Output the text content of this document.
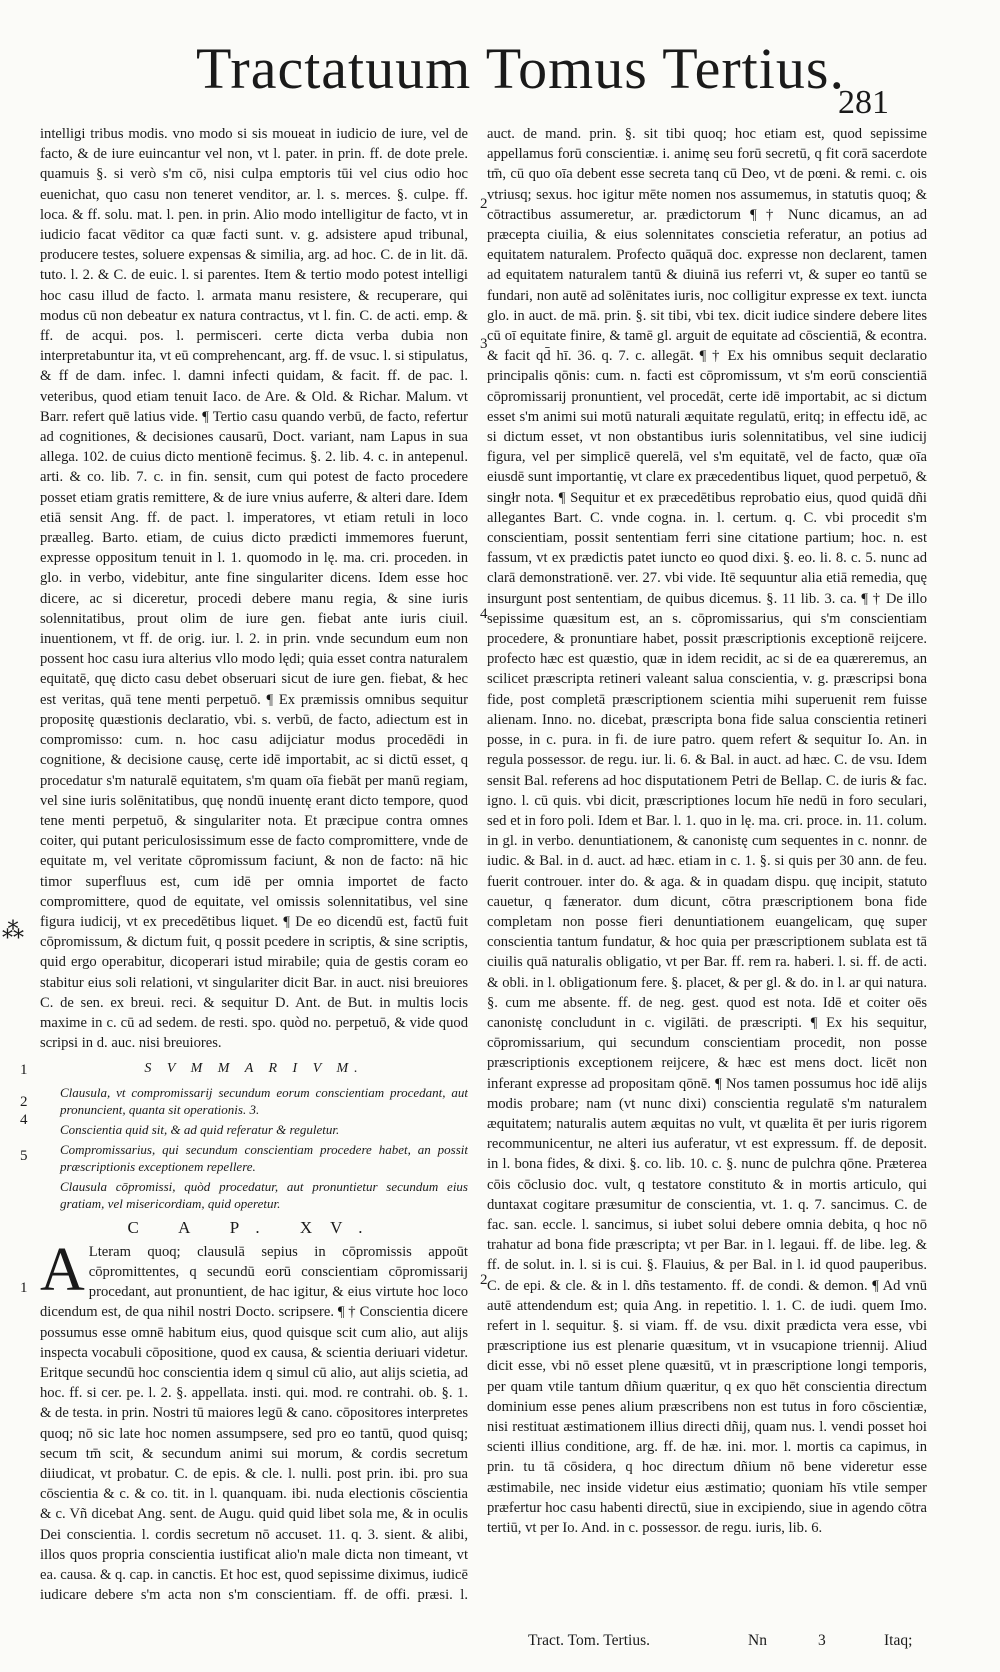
Tractatuum Tomus Tertius.
281

intelligi tribus modis. vno modo si sis moueat in iudicio de iure, vel de facto, & de iure euincantur vel non, vt l. pater. in prin. ff. de dote prele. quamuis §. si verò s'm cō, nisi culpa emptoris tūi vel cius odio hoc euenichat, quo casu non teneret venditor, ar. l. s. merces. §. culpe. ff. loca. & ff. solu. mat. l. pen. in prin. Alio modo intelligitur de facto, vt in iudicio facat vēditor ca quæ facti sunt. v. g. adsistere apud tribunal, producere testes, soluere expensas & similia, arg. ad hoc. C. de in lit. dā. tuto. l. 2. & C. de euic. l. si parentes. Item & tertio modo potest intelligi hoc casu illud de facto. l. armata manu resistere, & recuperare, qui modus cū non debeatur ex natura contractus, vt l. fin. C. de acti. emp. & ff. de acqui. pos. l. permisceri. certe dicta verba dubia non interpretabuntur ita, vt eū comprehencant, arg. ff. de vsuc. l. si stipulatus, & ff de dam. infec. l. damni infecti quidam, & facit. ff. de pac. l. veteribus, quod etiam tenuit Iaco. de Are. & Old. & Richar. Malum. vt Barr. refert quē latius vide. ¶ Tertio casu quando verbū, de facto, refertur ad cognitiones, & decisiones causarū, Doct. variant, nam Lapus in sua allega. 102. de cuius dicto mentionē fecimus. §. 2. lib. 4. c. in antepenul. arti. & co. lib. 7. c. in fin. sensit, cum qui potest de facto procedere posset etiam gratis remittere, & de iure vnius auferre, & alteri dare. Idem etiā sensit Ang. ff. de pact. l. imperatores, vt etiam retuli in loco præalleg. Barto. etiam, de cuius dicto prædicti immemores fuerunt, expresse oppositum tenuit in l. 1. quomodo in lę. ma. cri. proceden. in glo. in verbo, videbitur, ante fine singulariter dicens. Idem esse hoc dicere, ac si diceretur, procedi debere manu regia, & sine iuris solennitatibus, prout olim de iure gen. fiebat ante iuris ciuil. inuentionem, vt ff. de orig. iur. l. 2. in prin. vnde secundum eum non possent hoc casu iura alterius vllo modo lędi; quia esset contra naturalem equitatē, quę dicto casu debet obseruari sicut de iure gen. fiebat, & hec est veritas, quā tene menti perpetuō. ¶ Ex præmissis omnibus sequitur propositę quæstionis declaratio, vbi. s. verbū, de facto, adiectum est in compromisso: cum. n. hoc casu adijciatur modus procedēdi in cognitione, & decisione causę, certe idē importabit, ac si dictū esset, q procedatur s'm naturalē equitatem, s'm quam oīa fiebāt per manū regiam, vel sine iuris solēnitatibus, quę nondū inuentę erant dicto tempore, quod tene menti perpetuō, & singulariter nota. Et præcipue contra omnes coiter, qui putant periculosissimum esse de facto compromittere, vnde de equitate m, vel veritate cōpromissum faciunt, & non de facto: nā hic timor superfluus est, cum idē per omnia importet de facto compromittere, quod de equitate, vel omissis solennitatibus, vel sine figura iudicij, vt ex precedētibus liquet. ¶ De eo dicendū est, factū fuit cōpromissum, & dictum fuit, q possit pcedere in scriptis, & sine scriptis, quid ergo operabitur, dicoperari istud mirabile; quia de gestis coram eo stabitur eius soli relationi, vt singulariter dicit Bar. in auct. nisi breuiores C. de sen. ex breui. reci. & sequitur D. Ant. de But. in multis locis maxime in c. cū ad sedem. de resti. spo. quòd no. perpetuō, & vide quod scripsi in d. auc. nisi breuiores.

S V M M A R I V M.
Clausula, vt compromissarij secundum eorum conscientiam procedant, aut pronuncient, quanta sit operationis. 3.
Conscientia quid sit, & ad quid referatur & reguletur.
Compromissarius, qui secundum conscientiam procedere habet, an possit præscriptionis exceptionem repellere.
Clausula cōpromissi, quòd procedatur, aut pronuntietur secundum eius gratiam, vel misericordiam, quid operetur.
C A P. XV.

A Lteram quoq; clausulā sepius in cōpromissis appoūt cōpromittentes, q secundū eorū conscientiam cōpromissarij procedant, aut pronuntient, de hac igitur, & eius virtute hoc loco dicendum est, de qua nihil nostri Docto. scripsere. ¶ † Conscientia dicere possumus esse omnē habitum eius, quod quisque scit cum alio, aut alijs inspecta vocabuli cōpositione, quod ex causa, & scientia deriuari videtur. Eritque secundū hoc conscientia idem q simul cū alio, aut alijs scietia, ad hoc. ff. si cer. pe. l. 2. §. appellata. insti. qui. mod. re contrahi. ob. §. 1. & de testa. in prin. Nostri tū maiores legū & cano. cōpositores interpretes quoq; nō sic late hoc nomen assumpsere, sed pro eo tantū, quod quisq; secum tm̄ scit, & secundum animi sui morum, & cordis secretum diiudicat, vt probatur. C. de epis. & cle. l. nulli. post prin. ibi. pro sua cōscientia & c. & co. tit. in l. quanquam. ibi. nuda electionis cōscientia & c. Vñ dicebat Ang. sent. de Augu. quid quid libet sola me, & in oculis Dei conscientia. l. cordis secretum nō accuset. 11. q. 3. sient. & alibi, illos quos propria conscientia iustificat alio'n male dicta non timeant, vt ea. causa. & q. cap. in canctis. Et hoc est, quod sepissime diximus, iudicē iudicare debere s'm acta non s'm conscientiam. ff. de offi. præsi. l.

2
3
4
1
2
4
5
1	2
⁂

auct. de mand. prin. §. sit tibi quoq; hoc etiam est, quod sepissime appellamus forū conscientiæ. i. animę seu forū secretū, q fit corā sacerdote tm̄, cū quo oīa debent esse secreta tanq cū Deo, vt de pœni. & remi. c. ois vtriusq; sexus. hoc igitur mēte nomen nos assumemus, in statutis quoq; & cōtractibus assumeretur, ar. prædictorum ¶ † Nunc dicamus, an ad præcepta ciuilia, & eius solennitates conscietia referatur, an potius ad equitatem naturalem. Profecto quāquā doc. expresse non declarent, tamen ad equitatem naturalem tantū & diuinā ius referri vt, & super eo tantū se fundari, non autē ad solēnitates iuris, noc colligitur expresse ex text. iuncta glo. in auct. de mā. prin. §. sit tibi, vbi tex. dicit iudice sindere debere lites cū oī equitate finire, & tamē gl. arguit de equitate ad cōscientiā, & econtra. & facit qd̄ hī. 36. q. 7. c. allegāt. ¶ † Ex his omnibus sequit declaratio principalis qōnis: cum. n. facti est cōpromissum, vt s'm eorū conscientiā cōpromissarij pronuntient, vel procedāt, certe idē importabit, ac si dictum esset s'm animi sui motū naturali æquitate regulatū, eritq; in effectu idē, ac si dictum esset, vt non obstantibus iuris solennitatibus, vel sine iudicij figura, vel per simplicē querelā, vel s'm equitatē, vel de facto, quæ oīa eiusdē sunt importantię, vt clare ex præcedentibus liquet, quod perpetuō, & singłr nota. ¶ Sequitur et ex præcedētibus reprobatio eius, quod quidā dñi allegantes Bart. C. vnde cogna. in. l. certum. q. C. vbi procedit s'm conscientiam, possit sententiam ferri sine citatione partium; hoc. n. est fassum, vt ex prædictis patet iuncto eo quod dixi. §. eo. li. 8. c. 5. nunc ad clarā demonstrationē. ver. 27. vbi vide. Itē sequuntur alia etiā remedia, quę insurgunt post sententiam, de quibus dicemus. §. 11 lib. 3. ca. ¶ † De illo sepissime quæsitum est, an s. cōpromissarius, qui s'm conscientiam procedere, & pronuntiare habet, possit præscriptionis exceptionē reijcere. profecto hæc est quæstio, quæ in idem recidit, ac si de ea quæreremus, an scilicet præscripta retineri valeant salua conscientia, v. g. præscripsi bona fide, post completā præscriptionem scientia mihi superuenit rem fuisse alienam. Inno. no. dicebat, præscripta bona fide salua conscientia retineri posse, in c. pura. in fi. de iure patro. quem refert & sequitur Io. An. in regula possessor. de regu. iur. li. 6. & Bal. in auct. ad hæc. C. de vsu. Idem sensit Bal. referens ad hoc disputationem Petri de Bellap. C. de iuris & fac. igno. l. cū quis. vbi dicit, præscriptiones locum hīe nedū in foro seculari, sed et in foro poli. Idem et Bar. l. 1. quo in lę. ma. cri. proce. in. 11. colum. in gl. in verbo. denuntiationem, & canonistę cum sequentes in c. nonnr. de iudic. & Bal. in d. auct. ad hæc. etiam in c. 1. §. si quis per 30 ann. de feu. fuerit controuer. inter do. & aga. & in quadam dispu. quę incipit, statuto cauetur, q fænerator. dum dicunt, cōtra præscriptionem bona fide completam non posse fieri denuntiationem euangelicam, quę super conscientia tantum fundatur, & hoc quia per præscriptionem sublata est tā ciuilis quā naturalis obligatio, vt per Bar. ff. rem ra. haberi. l. si. ff. de acti. & obli. in l. obligationum fere. §. placet, & per gl. & do. in l. ar qui natura. §. cum me absente. ff. de neg. gest. quod est nota. Idē et coiter oēs canonistę concludunt in c. vigilāti. de præscripti. ¶ Ex his sequitur, cōpromissarium, qui secundum conscientiam procedit, non posse præscriptionis exceptionem reijcere, & hæc est mens doct. licēt non inferant expresse ad propositam qōnē. ¶ Nos tamen possumus hoc idē alijs modis probare; nam (vt nunc dixi) conscientia regulatē s'm naturalem æquitatem; naturalis autem æquitas no vult, vt quælita ēt per iuris rigorem recommunicentur, ne alteri ius auferatur, vt est expressum. ff. de deposit. in l. bona fides, & dixi. §. co. lib. 10. c. §. nunc de pulchra qōne. Præterea cōis cōclusio doc. vult, q testatore constituto & in mortis articulo, qui duntaxat cogitare præsumitur de conscientia, vt. 1. q. 7. sancimus. C. de fac. san. eccle. l. sancimus, si iubet solui debere omnia debita, q hoc nō trahatur ad bona fide præscripta; vt per Bar. in l. legaui. ff. de libe. leg. & ff. de solut. in. l. si is cui. §. Flauius, & per Bal. in l. id quod pauperibus. C. de epi. & cle. & in l. dñs testamento. ff. de condi. & demon. ¶ Ad vnū autē attendendum est; quia Ang. in repetitio. l. 1. C. de iudi. quem Imo. refert in l. sequitur. §. si viam. ff. de vsu. dixit prædicta vera esse, vbi præscriptione ius est plenarie quæsitum, vt in vsucapione triennij. Aliud dicit esse, vbi nō esset plene quæsitū, vt in præscriptione longi temporis, per quam vtile tantum dñium quæritur, q ex quo hēt conscientia directum dominium esse penes alium præscribens non est tutus in foro cōscientiæ, nisi restituat æstimationem illius directi dñij, quam nus. l. vendi posset hoi scienti illius conditione, arg. ff. de hæ. ini. mor. l. mortis ca capimus, in prin. tu tā cōsidera, q hoc directum dñium nō bene videretur esse æstimabile, nec inside videtur eius æstimatio; quoniam hīs vtile semper præfertur hoc casu habenti directū, siue in excipiendo, siue in agendo cōtra tertiū, vt per Io. And. in c. possessor. de regu. iuris, lib. 6.

Tract. Tom. Tertius.	Nn	3	Itaq;
